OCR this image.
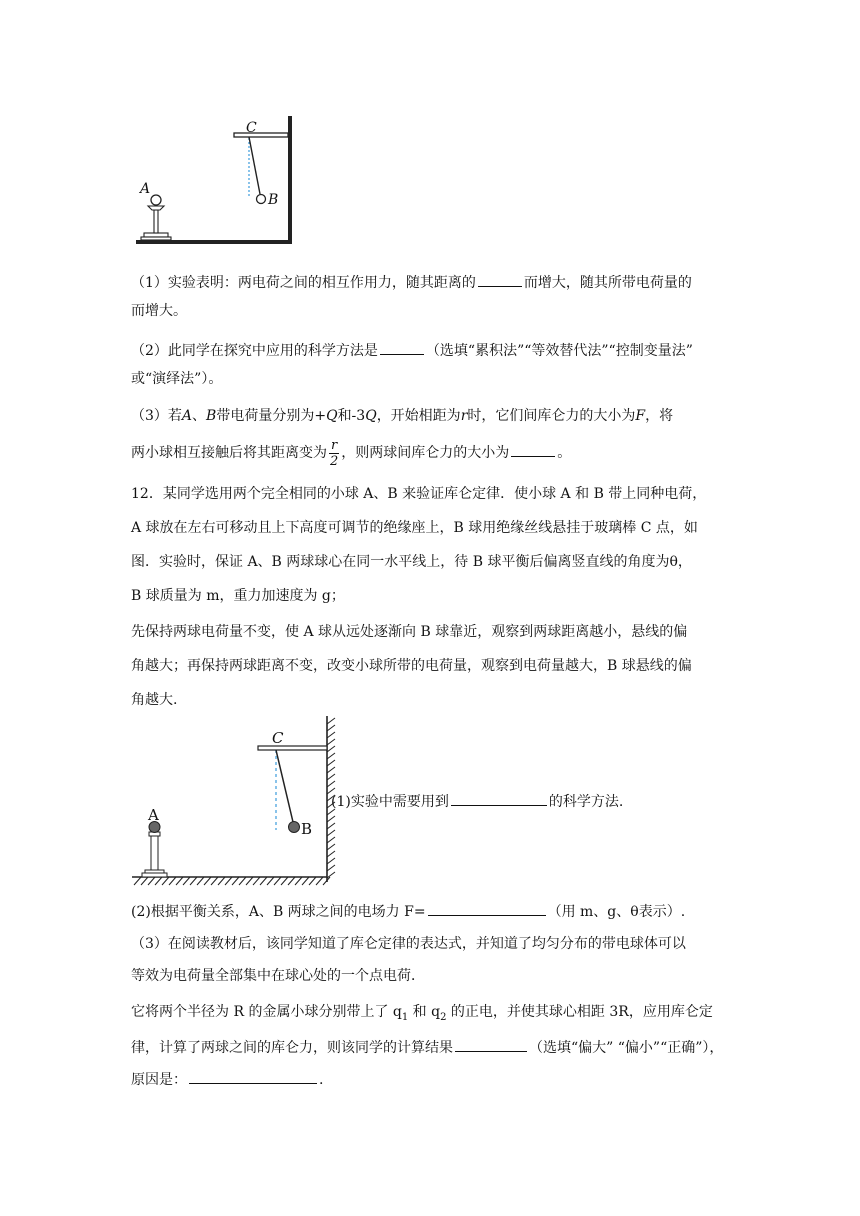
A
B
C
（1）实验表明：两电荷之间的相互作用力，随其距离的	而增大，随其所带电荷量的
而增大。
（2）此同学在探究中应用的科学方法是	（选填“累积法”“等效替代法”“控制变量法”
或“演绎法”）。
（3）若A、B带电荷量分别为+Q和-3Q，开始相距为r时，它们间库仑力的大小为F，将
两小球相互接触后将其距离变为 $\frac{r}{2}$ ，则两球间库仑力的大小为	。
12．某同学选用两个完全相同的小球 A、B 来验证库仑定律．使小球 A 和 B 带上同种电荷，
A 球放在左右可移动且上下高度可调节的绝缘座上，B 球用绝缘丝线悬挂于玻璃棒 C 点，如
图．实验时，保证 A、B 两球球心在同一水平线上，待 B 球平衡后偏离竖直线的角度为θ，
B 球质量为 m，重力加速度为 g；
先保持两球电荷量不变，使 A 球从远处逐渐向 B 球靠近，观察到两球距离越小，悬线的偏
角越大；再保持两球距离不变，改变小球所带的电荷量，观察到电荷量越大，B 球悬线的偏
角越大.
A
B
C
(1)实验中需要用到	的科学方法.
(2)根据平衡关系，A、B 两球之间的电场力 F=	（用 m、g、θ表示）.
（3）在阅读教材后，该同学知道了库仑定律的表达式，并知道了均匀分布的带电球体可以
等效为电荷量全部集中在球心处的一个点电荷．
它将两个半径为 R 的金属小球分别带上了 $q_1$ 和 $q_2$ 的正电，并使其球心相距 3R，应用库仑定
律，计算了两球之间的库仑力，则该同学的计算结果	（选填“偏大” “偏小”“正确”），
原因是：	.
